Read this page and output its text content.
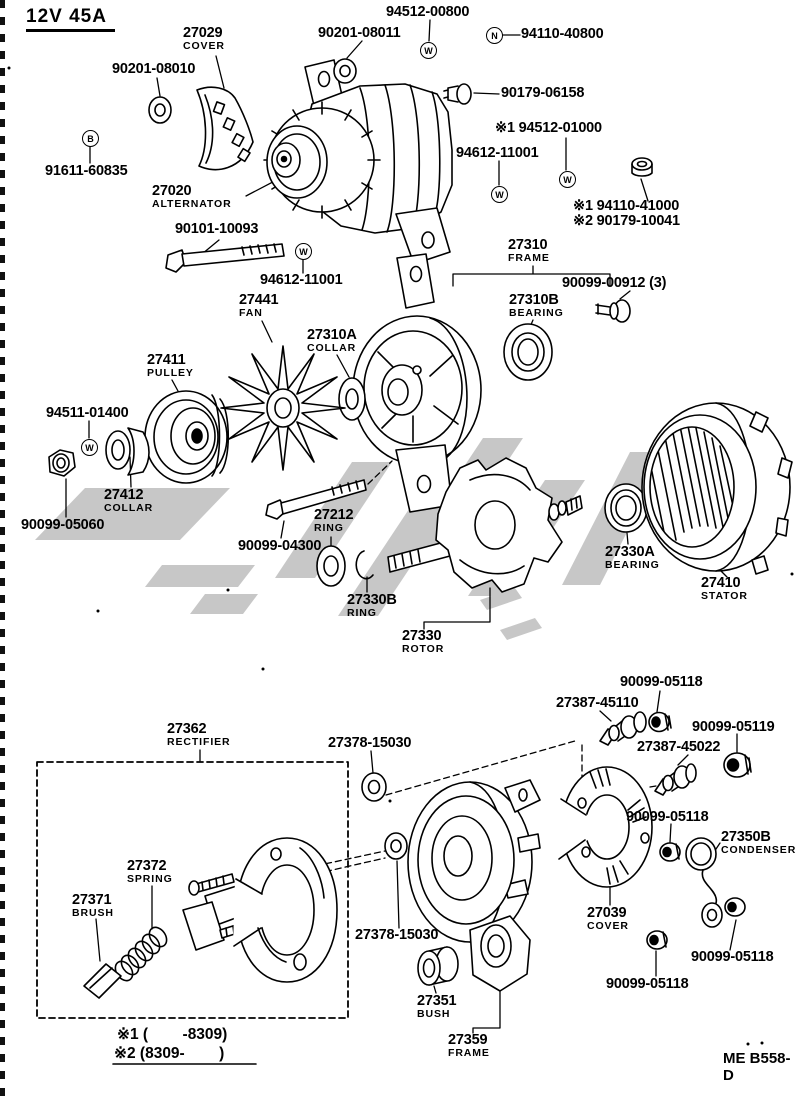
12V 45A	94512-00800
90201-08011	94110-40800
27029
COVER
90201-08010
90179-06158
91611-60835
※1 94512-01000
94612-11001
※1 94110-41000
※2 90179-10041
27020
ALTERNATOR
90101-10093
94612-11001
27310
FRAME
90099-00912 (3)
27310B
BEARING
27441
FAN
27310A
COLLAR
27411
PULLEY
94511-01400
27412
COLLAR
90099-05060
27212
RING
90099-04300	27330A
BEARING
27410
STATOR
27330B
RING
27330
ROTOR
90099-05118
27387-45110
90099-05119
27387-45022
27362
RECTIFIER	27378-15030
90099-05118
27350B
CONDENSER
27372
SPRING
27371
BRUSH
27378-15030
27039
COVER
90099-05118
90099-05118
27351
BUSH
27359
FRAME
※1 (        -8309)
※2 (8309-        )	ME B558-D
W
N
B
W
W
W
W
